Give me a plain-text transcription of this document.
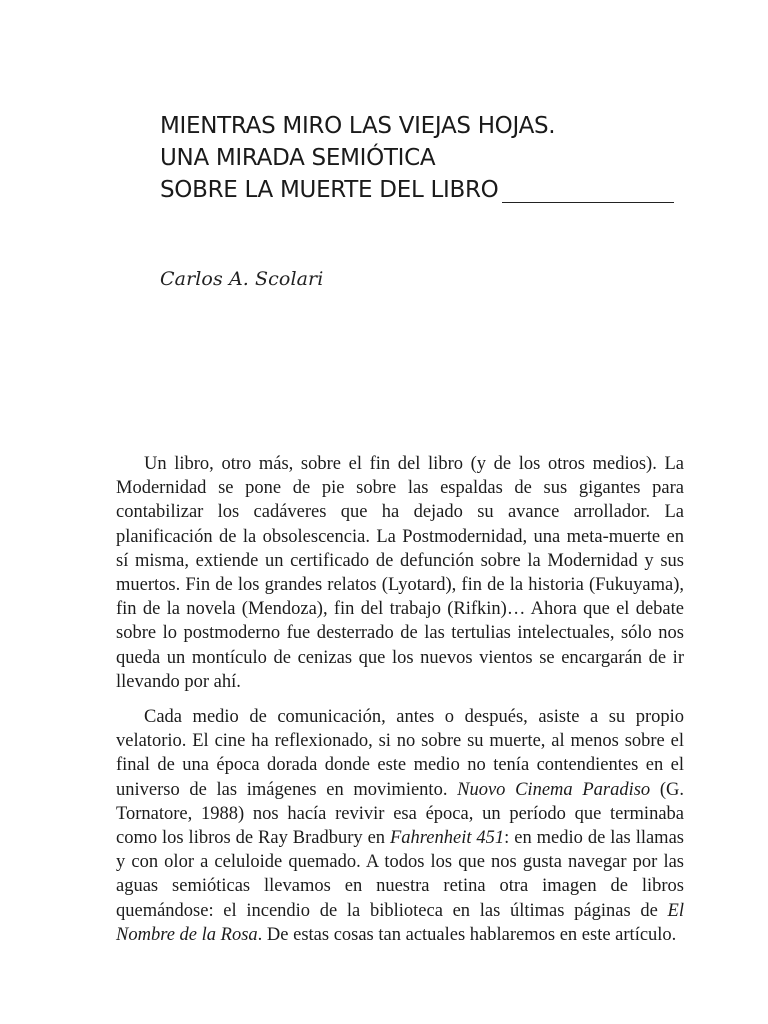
MIENTRAS MIRO LAS VIEJAS HOJAS.
UNA MIRADA SEMIÓTICA
SOBRE LA MUERTE DEL LIBRO
Carlos A. Scolari

Un libro, otro más, sobre el fin del libro (y de los otros medios). La Modernidad se pone de pie sobre las espaldas de sus gigantes para contabilizar los cadáveres que ha dejado su avance arrollador. La planificación de la obsolescencia. La Postmodernidad, una meta-muerte en sí misma, extiende un certificado de defunción sobre la Modernidad y sus muertos. Fin de los grandes relatos (Lyotard), fin de la historia (Fukuyama), fin de la novela (Mendoza), fin del trabajo (Rifkin)… Ahora que el debate sobre lo postmoderno fue desterrado de las tertulias intelectuales, sólo nos queda un montículo de cenizas que los nuevos vientos se encargarán de ir llevando por ahí.

Cada medio de comunicación, antes o después, asiste a su propio velatorio. El cine ha reflexionado, si no sobre su muerte, al menos sobre el final de una época dorada donde este medio no tenía contendientes en el universo de las imágenes en movimiento. Nuovo Cinema Paradiso (G. Tornatore, 1988) nos hacía revivir esa época, un período que terminaba como los libros de Ray Bradbury en Fahrenheit 451: en medio de las llamas y con olor a celuloide quemado. A todos los que nos gusta navegar por las aguas semióticas llevamos en nuestra retina otra imagen de libros quemándose: el incendio de la biblioteca en las últimas páginas de El Nombre de la Rosa. De estas cosas tan actuales hablaremos en este artículo.
